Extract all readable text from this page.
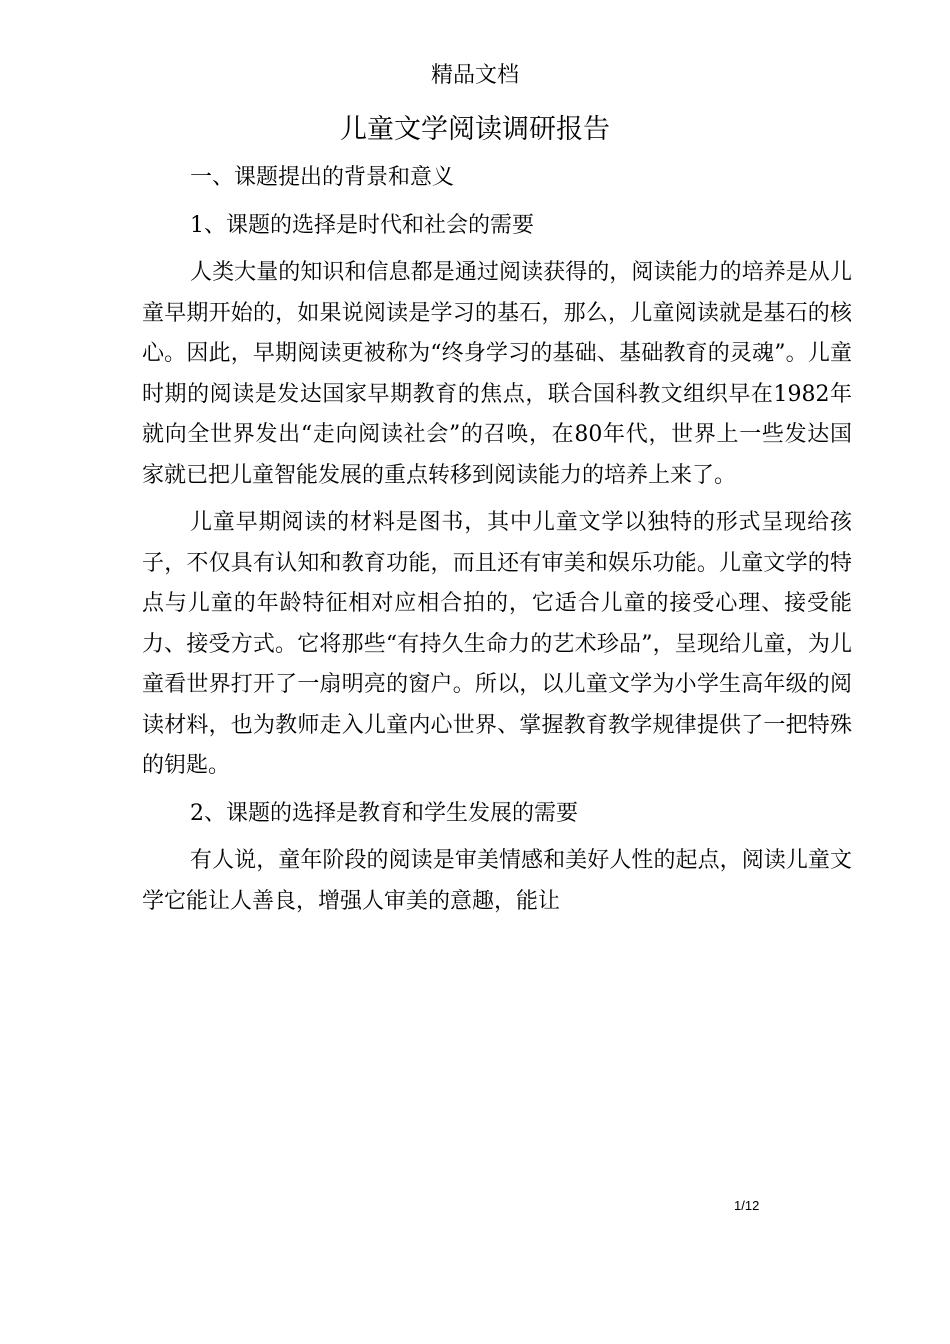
精品文档
儿童文学阅读调研报告

一、课题提出的背景和意义

1、课题的选择是时代和社会的需要

人类大量的知识和信息都是通过阅读获得的，阅读能力的培养是从儿童早期开始的，如果说阅读是学习的基石，那么，儿童阅读就是基石的核心。因此，早期阅读更被称为“终身学习的基础、基础教育的灵魂”。儿童时期的阅读是发达国家早期教育的焦点，联合国科教文组织早在1982年就向全世界发出“走向阅读社会”的召唤，在80年代，世界上一些发达国家就已把儿童智能发展的重点转移到阅读能力的培养上来了。

儿童早期阅读的材料是图书，其中儿童文学以独特的形式呈现给孩子，不仅具有认知和教育功能，而且还有审美和娱乐功能。儿童文学的特点与儿童的年龄特征相对应相合拍的，它适合儿童的接受心理、接受能力、接受方式。它将那些“有持久生命力的艺术珍品”，呈现给儿童，为儿童看世界打开了一扇明亮的窗户。所以，以儿童文学为小学生高年级的阅读材料，也为教师走入儿童内心世界、掌握教育教学规律提供了一把特殊的钥匙。

2、课题的选择是教育和学生发展的需要

有人说，童年阶段的阅读是审美情感和美好人性的起点，阅读儿童文学它能让人善良，增强人审美的意趣，能让

1/12
